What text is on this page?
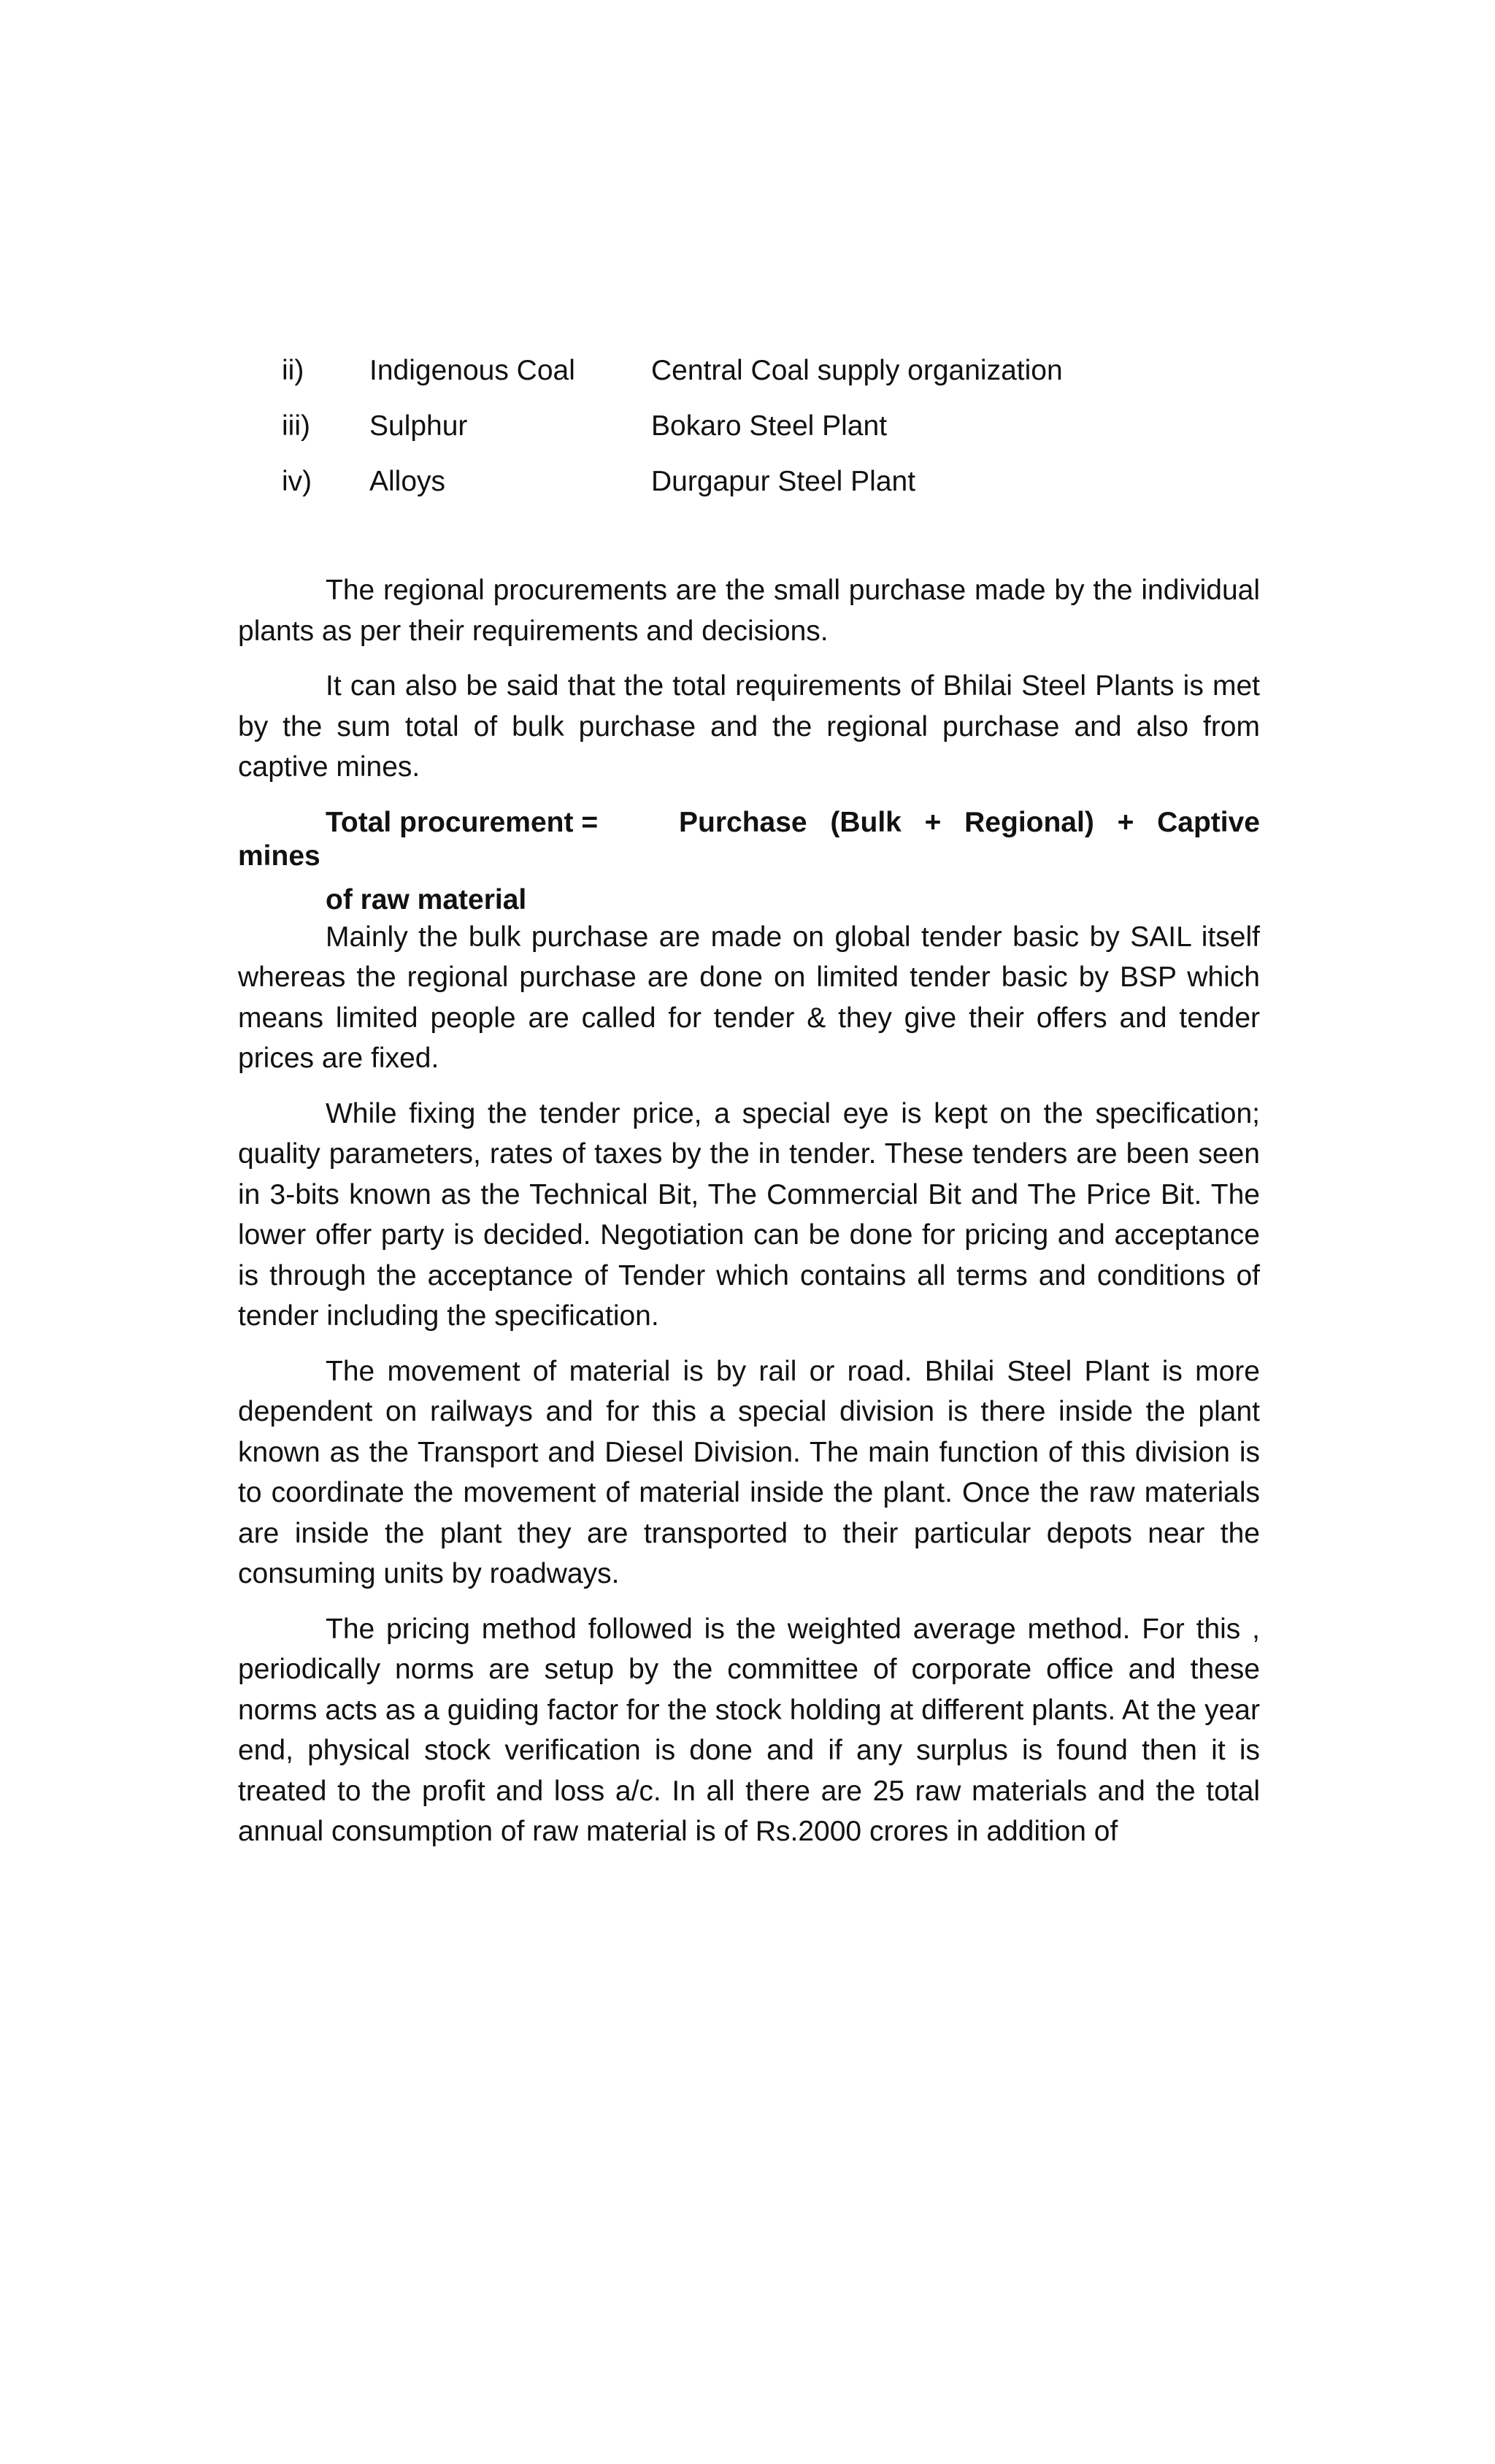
ii) Indigenous Coal	Central Coal supply organization
iii) Sulphur	Bokaro Steel Plant
iv) Alloys	Durgapur Steel Plant

The regional procurements are the small purchase made by the individual plants as per their requirements and decisions.

It can also be said that the total requirements of Bhilai Steel Plants is met by the sum total of bulk purchase and the regional purchase and also from captive mines.

Total procurement =	Purchase (Bulk + Regional) + Captive
mines

of raw material

Mainly the bulk purchase are made on global tender basic by SAIL itself whereas the regional purchase are done on limited tender basic by BSP which means limited people are called for tender & they give their offers and tender prices are fixed.

While fixing the tender price, a special eye is kept on the specification; quality parameters, rates of taxes by the in tender. These tenders are been seen in 3-bits known as the Technical Bit, The Commercial Bit and The Price Bit. The lower offer party is decided. Negotiation can be done for pricing and acceptance is through the acceptance of Tender which contains all terms and conditions of tender including the specification.

The movement of material is by rail or road. Bhilai Steel Plant is more dependent on railways and for this a special division is there inside the plant known as the Transport and Diesel Division. The main function of this division is to coordinate the movement of material inside the plant. Once the raw materials are inside the plant they are transported to their particular depots near the consuming units by roadways.

The pricing method followed is the weighted average method. For this , periodically norms are setup by the committee of corporate office and these norms acts as a guiding factor for the stock holding at different plants. At the year end, physical stock verification is done and if any surplus is found then it is treated to the profit and loss a/c. In all there are 25 raw materials and the total annual consumption of raw material is of Rs.2000 crores in addition of
